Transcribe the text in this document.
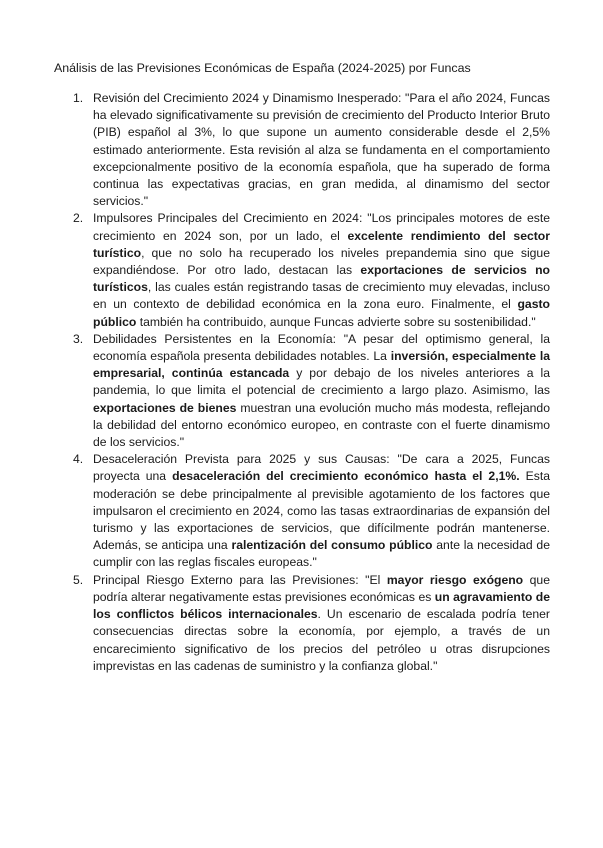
Análisis de las Previsiones Económicas de España (2024-2025) por Funcas
1. Revisión del Crecimiento 2024 y Dinamismo Inesperado: "Para el año 2024, Funcas ha elevado significativamente su previsión de crecimiento del Producto Interior Bruto (PIB) español al 3%, lo que supone un aumento considerable desde el 2,5% estimado anteriormente. Esta revisión al alza se fundamenta en el comportamiento excepcionalmente positivo de la economía española, que ha superado de forma continua las expectativas gracias, en gran medida, al dinamismo del sector servicios."
2. Impulsores Principales del Crecimiento en 2024: "Los principales motores de este crecimiento en 2024 son, por un lado, el excelente rendimiento del sector turístico, que no solo ha recuperado los niveles prepandemia sino que sigue expandiéndose. Por otro lado, destacan las exportaciones de servicios no turísticos, las cuales están registrando tasas de crecimiento muy elevadas, incluso en un contexto de debilidad económica en la zona euro. Finalmente, el gasto público también ha contribuido, aunque Funcas advierte sobre su sostenibilidad."
3. Debilidades Persistentes en la Economía: "A pesar del optimismo general, la economía española presenta debilidades notables. La inversión, especialmente la empresarial, continúa estancada y por debajo de los niveles anteriores a la pandemia, lo que limita el potencial de crecimiento a largo plazo. Asimismo, las exportaciones de bienes muestran una evolución mucho más modesta, reflejando la debilidad del entorno económico europeo, en contraste con el fuerte dinamismo de los servicios."
4. Desaceleración Prevista para 2025 y sus Causas: "De cara a 2025, Funcas proyecta una desaceleración del crecimiento económico hasta el 2,1%. Esta moderación se debe principalmente al previsible agotamiento de los factores que impulsaron el crecimiento en 2024, como las tasas extraordinarias de expansión del turismo y las exportaciones de servicios, que difícilmente podrán mantenerse. Además, se anticipa una ralentización del consumo público ante la necesidad de cumplir con las reglas fiscales europeas."
5. Principal Riesgo Externo para las Previsiones: "El mayor riesgo exógeno que podría alterar negativamente estas previsiones económicas es un agravamiento de los conflictos bélicos internacionales. Un escenario de escalada podría tener consecuencias directas sobre la economía, por ejemplo, a través de un encarecimiento significativo de los precios del petróleo u otras disrupciones imprevistas en las cadenas de suministro y la confianza global."
